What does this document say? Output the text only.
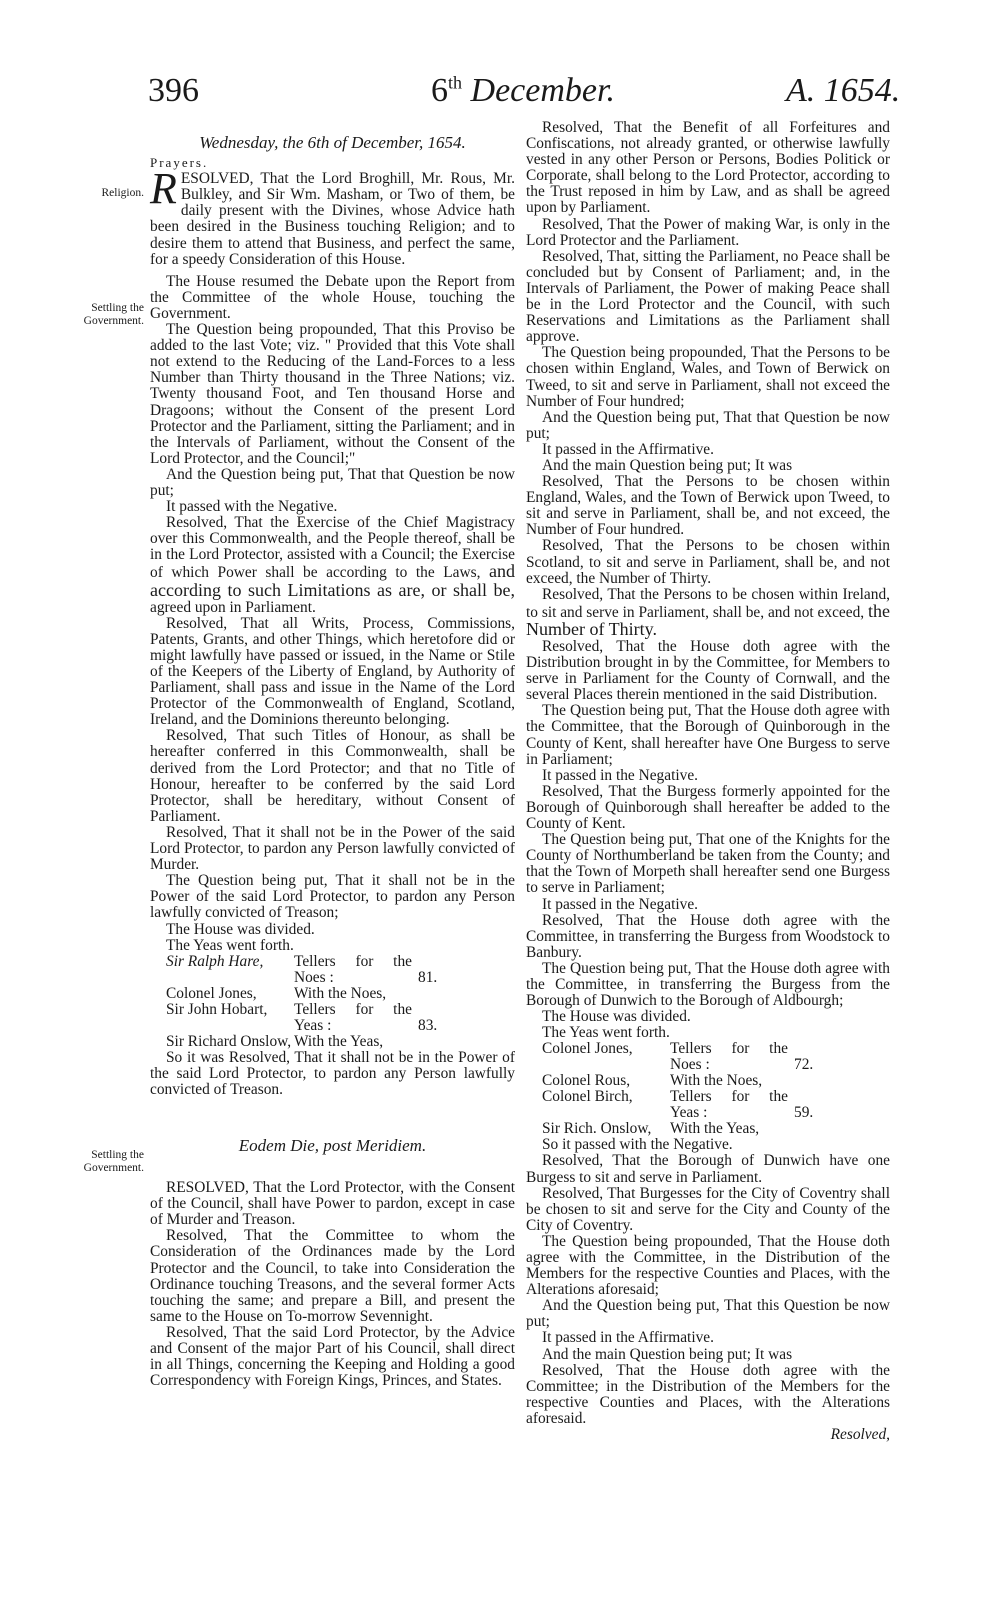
396	6th December.	A. 1654.
Religion.
Settling the Government.
Settling the Government.

Wednesday, the 6th of December, 1654.

Prayers.

RESOLVED, That the Lord Broghill, Mr. Rous, Mr. Bulkley, and Sir Wm. Masham, or Two of them, be daily present with the Divines, whose Advice hath been desired in the Business touching Religion; and to desire them to attend that Business, and perfect the same, for a speedy Consideration of this House.

The House resumed the Debate upon the Report from the Committee of the whole House, touching the Government.

The Question being propounded, That this Proviso be added to the last Vote; viz. " Provided that this Vote shall not extend to the Reducing of the Land-Forces to a less Number than Thirty thousand in the Three Nations; viz. Twenty thousand Foot, and Ten thousand Horse and Dragoons; without the Consent of the present Lord Protector and the Parliament, sitting the Parliament; and in the Intervals of Parliament, without the Consent of the Lord Protector, and the Council;"

And the Question being put, That that Question be now put;

It passed with the Negative.

Resolved, That the Exercise of the Chief Magistracy over this Commonwealth, and the People thereof, shall be in the Lord Protector, assisted with a Council; the Exercise of which Power shall be according to the Laws, and according to such Limitations as are, or shall be, agreed upon in Parliament.

Resolved, That all Writs, Process, Commissions, Patents, Grants, and other Things, which heretofore did or might lawfully have passed or issued, in the Name or Stile of the Keepers of the Liberty of England, by Authority of Parliament, shall pass and issue in the Name of the Lord Protector of the Commonwealth of England, Scotland, Ireland, and the Dominions thereunto belonging.

Resolved, That such Titles of Honour, as shall be hereafter conferred in this Commonwealth, shall be derived from the Lord Protector; and that no Title of Honour, hereafter to be conferred by the said Lord Protector, shall be hereditary, without Consent of Parliament.

Resolved, That it shall not be in the Power of the said Lord Protector, to pardon any Person lawfully convicted of Murder.

The Question being put, That it shall not be in the Power of the said Lord Protector, to pardon any Person lawfully convicted of Treason;

The House was divided.

The Yeas went forth.

Sir Ralph Hare,	Tellers for the Noes :	81.
Colonel Jones,	With the Noes,	
Sir John Hobart,	Tellers for the Yeas :	83.
Sir Richard Onslow,	With the Yeas,	

So it was Resolved, That it shall not be in the Power of the said Lord Protector, to pardon any Person lawfully convicted of Treason.

Eodem Die, post Meridiem.

RESOLVED, That the Lord Protector, with the Consent of the Council, shall have Power to pardon, except in case of Murder and Treason.

Resolved, That the Committee to whom the Consideration of the Ordinances made by the Lord Protector and the Council, to take into Consideration the Ordinance touching Treasons, and the several former Acts touching the same; and prepare a Bill, and present the same to the House on To-morrow Sevennight.

Resolved, That the said Lord Protector, by the Advice and Consent of the major Part of his Council, shall direct in all Things, concerning the Keeping and Holding a good Correspondency with Foreign Kings, Princes, and States.

Resolved, That the Benefit of all Forfeitures and Confiscations, not already granted, or otherwise lawfully vested in any other Person or Persons, Bodies Politick or Corporate, shall belong to the Lord Protector, according to the Trust reposed in him by Law, and as shall be agreed upon by Parliament.

Resolved, That the Power of making War, is only in the Lord Protector and the Parliament.

Resolved, That, sitting the Parliament, no Peace shall be concluded but by Consent of Parliament; and, in the Intervals of Parliament, the Power of making Peace shall be in the Lord Protector and the Council, with such Reservations and Limitations as the Parliament shall approve.

The Question being propounded, That the Persons to be chosen within England, Wales, and Town of Berwick on Tweed, to sit and serve in Parliament, shall not exceed the Number of Four hundred;

And the Question being put, That that Question be now put;

It passed in the Affirmative.

And the main Question being put; It was

Resolved, That the Persons to be chosen within England, Wales, and the Town of Berwick upon Tweed, to sit and serve in Parliament, shall be, and not exceed, the Number of Four hundred.

Resolved, That the Persons to be chosen within Scotland, to sit and serve in Parliament, shall be, and not exceed, the Number of Thirty.

Resolved, That the Persons to be chosen within Ireland, to sit and serve in Parliament, shall be, and not exceed, the Number of Thirty.

Resolved, That the House doth agree with the Distribution brought in by the Committee, for Members to serve in Parliament for the County of Cornwall, and the several Places therein mentioned in the said Distribution.

The Question being put, That the House doth agree with the Committee, that the Borough of Quinborough in the County of Kent, shall hereafter have One Burgess to serve in Parliament;

It passed in the Negative.

Resolved, That the Burgess formerly appointed for the Borough of Quinborough shall hereafter be added to the County of Kent.

The Question being put, That one of the Knights for the County of Northumberland be taken from the County; and that the Town of Morpeth shall hereafter send one Burgess to serve in Parliament;

It passed in the Negative.

Resolved, That the House doth agree with the Committee, in transferring the Burgess from Woodstock to Banbury.

The Question being put, That the House doth agree with the Committee, in transferring the Burgess from the Borough of Dunwich to the Borough of Aldbourgh;

The House was divided.

The Yeas went forth.

Colonel Jones,	Tellers for the Noes :	72.
Colonel Rous,	With the Noes,	
Colonel Birch,	Tellers for the Yeas :	59.
Sir Rich. Onslow,	With the Yeas,	

So it passed with the Negative.

Resolved, That the Borough of Dunwich have one Burgess to sit and serve in Parliament.

Resolved, That Burgesses for the City of Coventry shall be chosen to sit and serve for the City and County of the City of Coventry.

The Question being propounded, That the House doth agree with the Committee, in the Distribution of the Members for the respective Counties and Places, with the Alterations aforesaid;

And the Question being put, That this Question be now put;

It passed in the Affirmative.

And the main Question being put; It was

Resolved, That the House doth agree with the Committee; in the Distribution of the Members for the respective Counties and Places, with the Alterations aforesaid.

Resolved,
